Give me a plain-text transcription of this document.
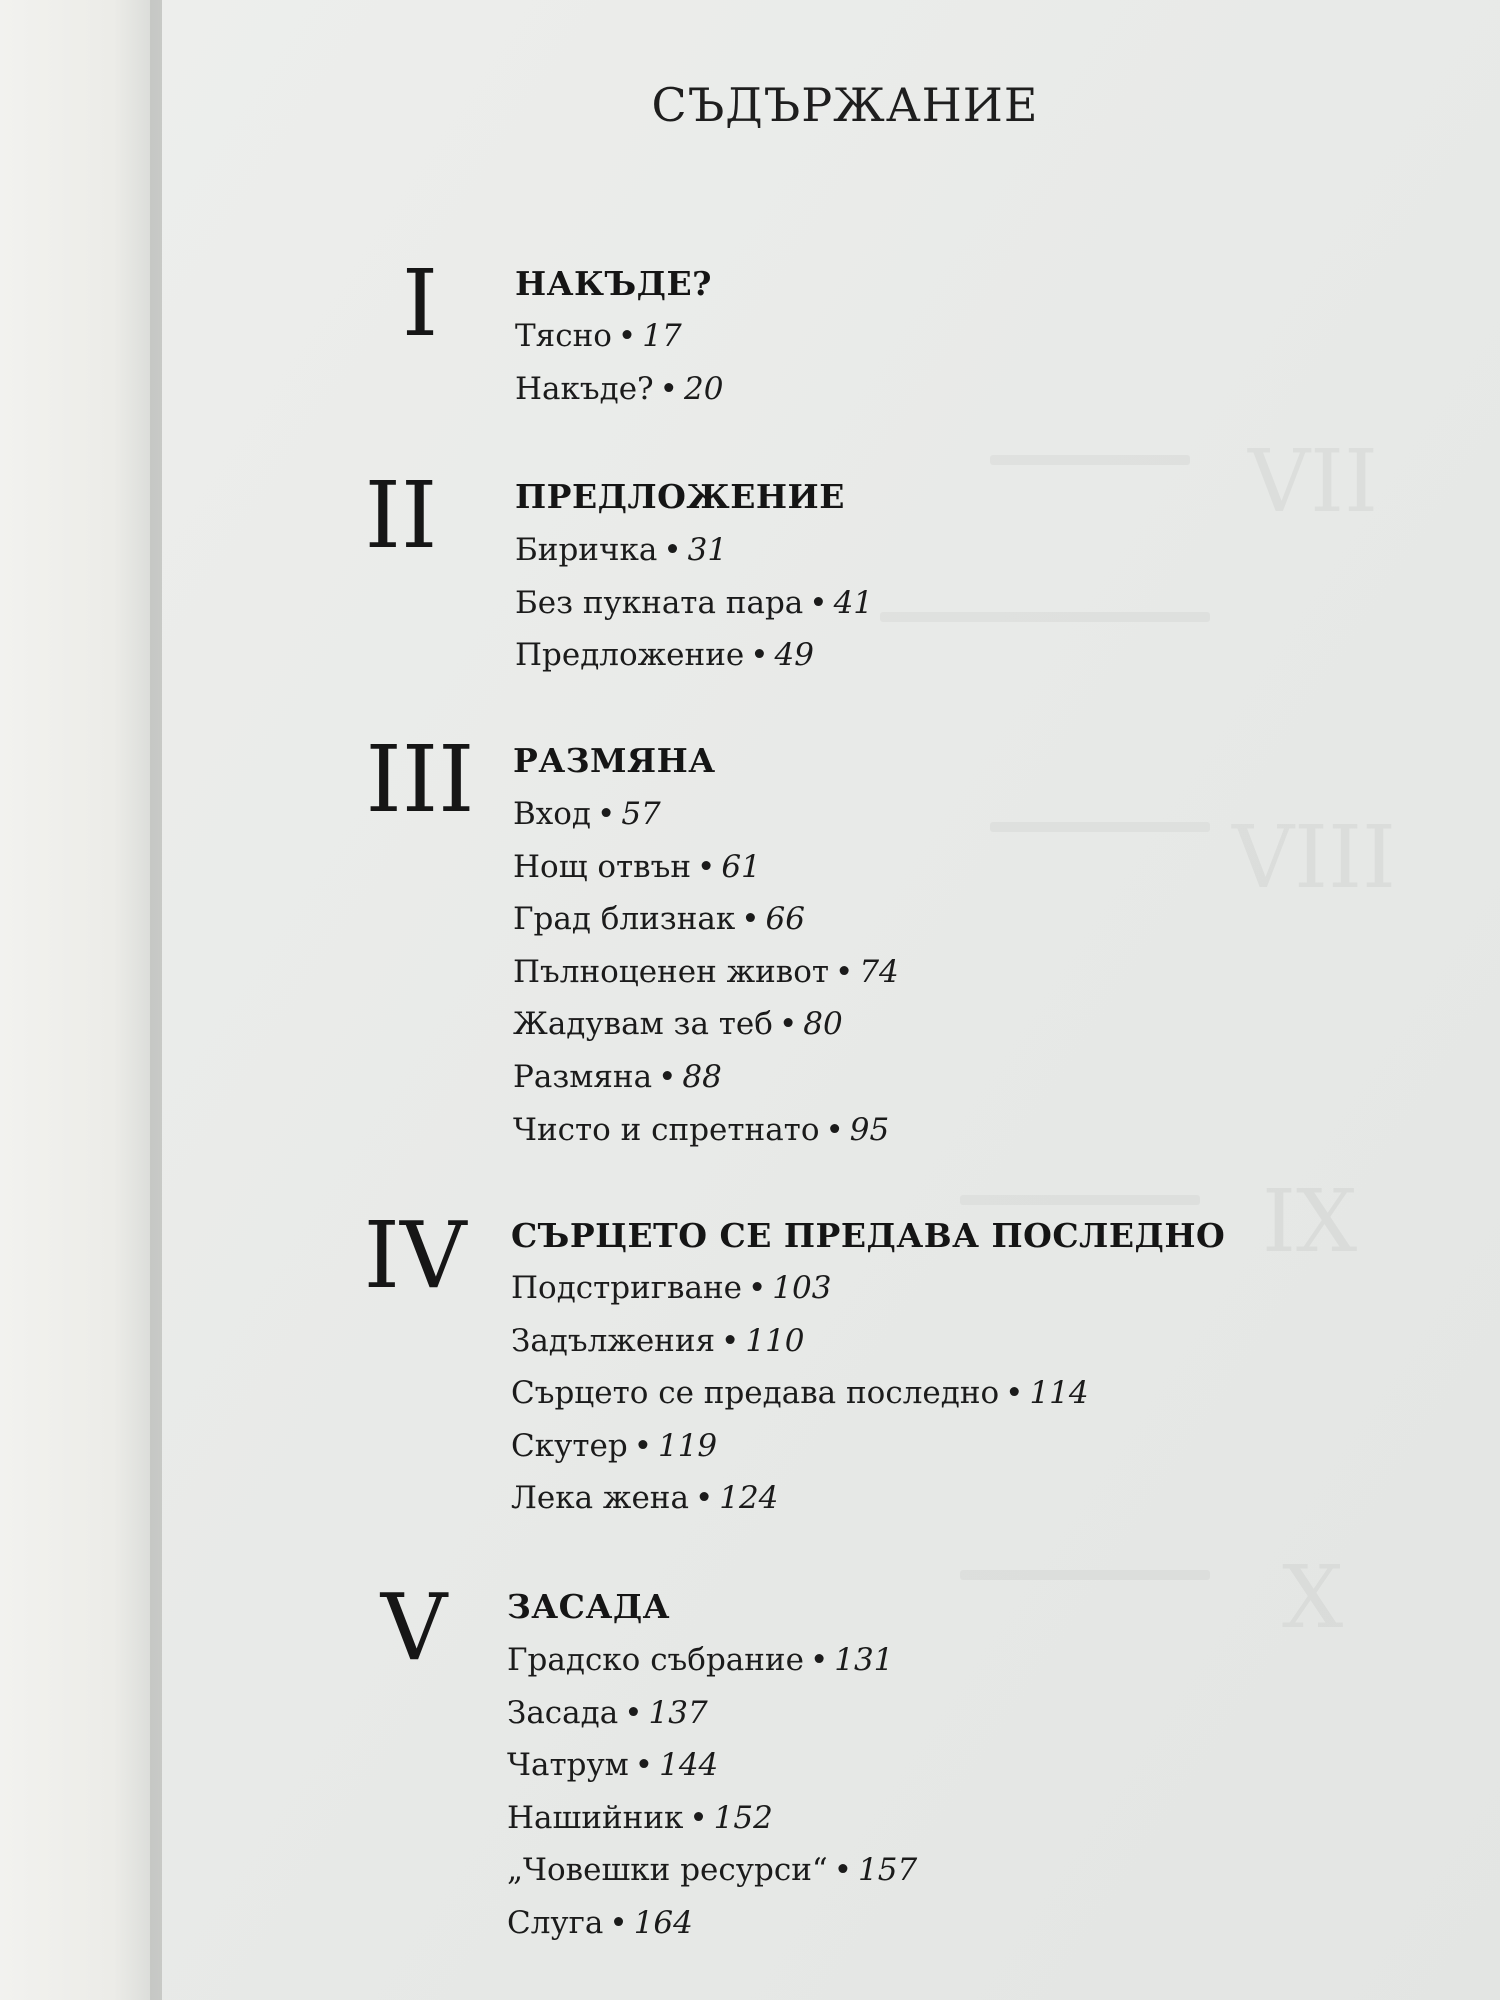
VII
VIII
IX
X
СЪДЪРЖАНИЕ
I	НАКЪДЕ?
Тясно • 17
Накъде? • 20
II	ПРЕДЛОЖЕНИЕ
Биричка • 31
Без пукната пара • 41
Предложение • 49
III	РАЗМЯНА
Вход • 57
Нощ отвън • 61
Град близнак • 66
Пълноценен живот • 74
Жадувам за теб • 80
Размяна • 88
Чисто и спретнато • 95
IV	СЪРЦЕТО СЕ ПРЕДАВА ПОСЛЕДНО
Подстригване • 103
Задължения • 110
Сърцето се предава последно • 114
Скутер • 119
Лека жена • 124
V	ЗАСАДА
Градско събрание • 131
Засада • 137
Чатрум • 144
Нашийник • 152
„Човешки ресурси“ • 157
Слуга • 164
